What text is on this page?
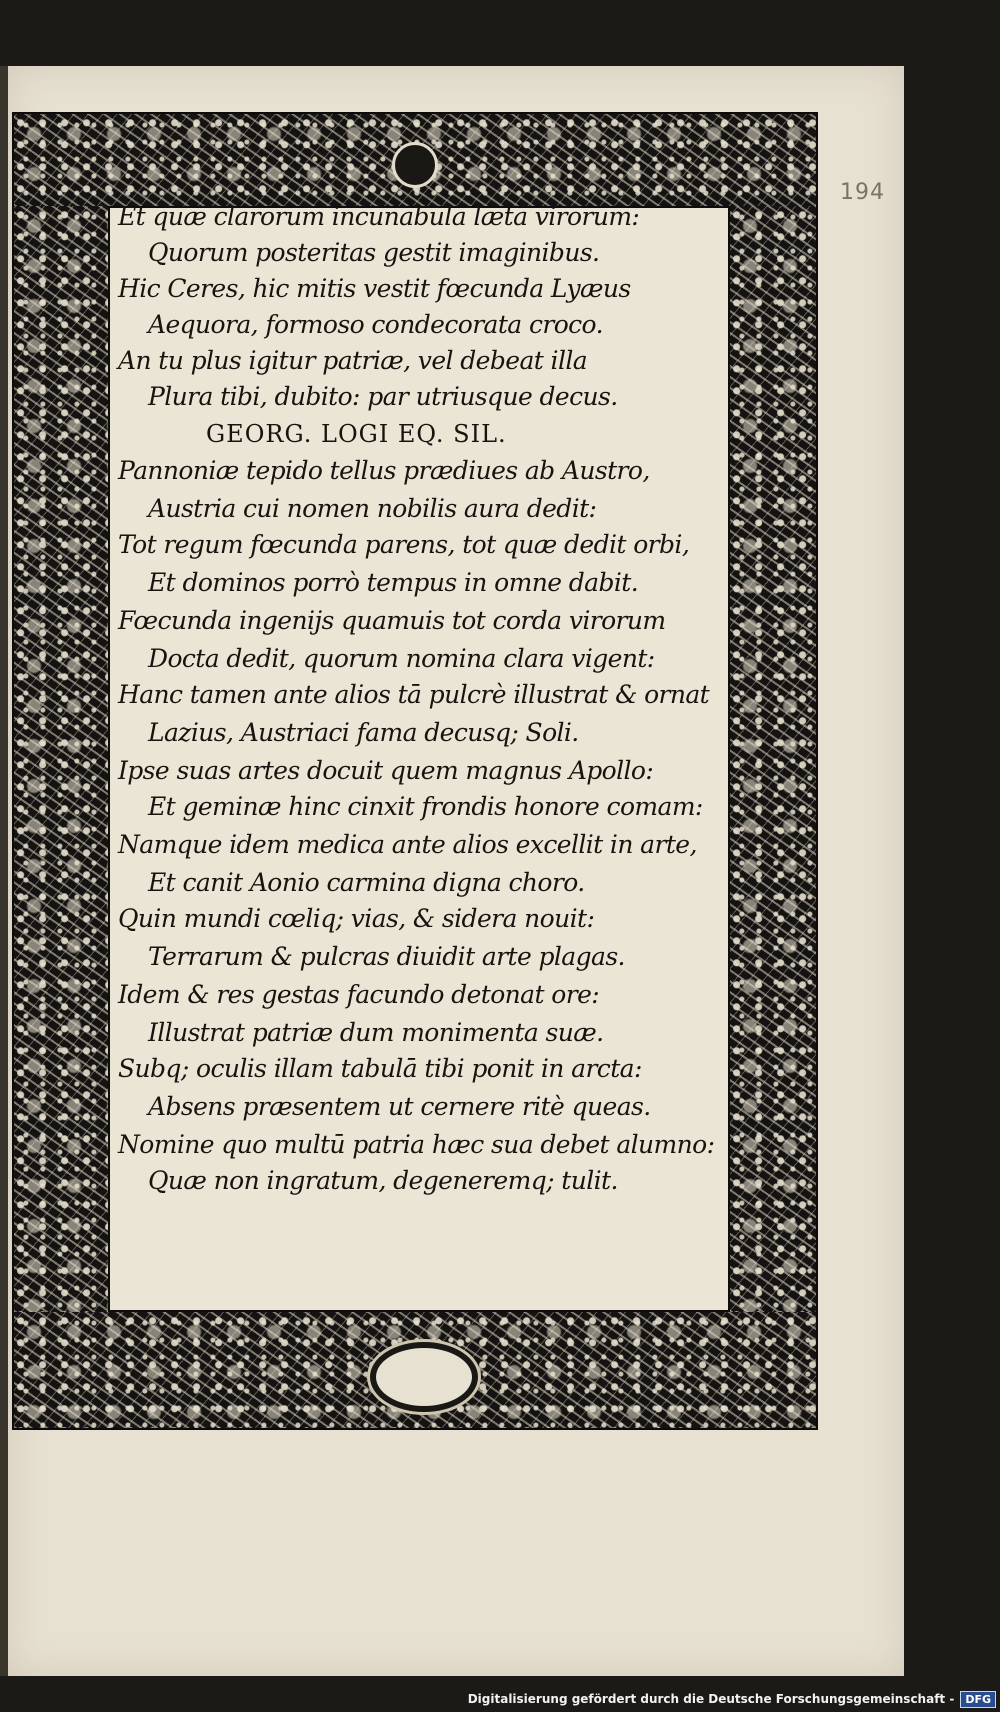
194
Et quæ clarorum incunabula læta virorum:
Quorum posteritas gestit imaginibus.
Hic Ceres, hic mitis vestit fœcunda Lyæus
Aequora, formoso condecorata croco.
An tu plus igitur patriæ, vel debeat illa
Plura tibi, dubito: par utriusque decus.
GEORG. LOGI EQ. SIL.
Pannoniæ tepido tellus prædiues ab Austro,
Austria cui nomen nobilis aura dedit:
Tot regum fœcunda parens, tot quæ dedit orbi,
Et dominos porrò tempus in omne dabit.
Fœcunda ingenijs quamuis tot corda virorum
Docta dedit, quorum nomina clara vigent:
Hanc tamen ante alios tā pulcrè illustrat & ornat
Lazius, Austriaci fama decusq; Soli.
Ipse suas artes docuit quem magnus Apollo:
Et geminæ hinc cinxit frondis honore comam:
Namque idem medica ante alios excellit in arte,
Et canit Aonio carmina digna choro.
Quin mundi cœliq; vias, & sidera nouit:
Terrarum & pulcras diuidit arte plagas.
Idem & res gestas facundo detonat ore:
Illustrat patriæ dum monimenta suæ.
Subq; oculis illam tabulā tibi ponit in arcta:
Absens præsentem ut cernere ritè queas.
Nomine quo multū patria hæc sua debet alumno:
Quæ non ingratum, degeneremq; tulit.
Digitalisierung gefördert durch die Deutsche Forschungsgemeinschaft -	DFG
